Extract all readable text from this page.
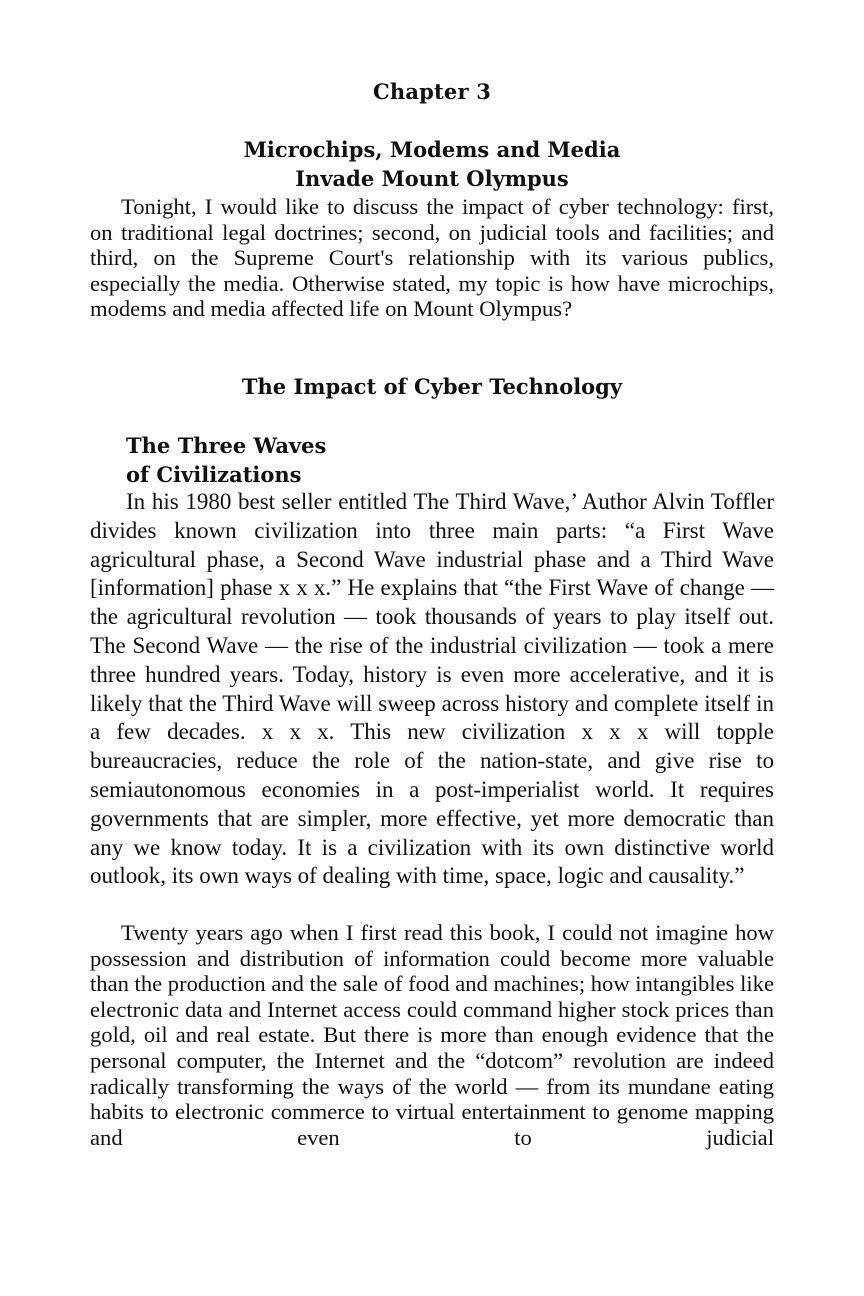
Chapter 3
Microchips, Modems and Media
Invade Mount Olympus

Tonight, I would like to discuss the impact of cyber technology: first, on traditional legal doctrines; second, on judicial tools and facilities; and third, on the Supreme Court's relationship with its various publics, especially the media. Otherwise stated, my topic is how have microchips, modems and media affected life on Mount Olympus?

The Impact of Cyber Technology
The Three Waves
of Civilizations

In his 1980 best seller entitled The Third Wave,’ Author Alvin Toffler divides known civilization into three main parts: “a First Wave agricultural phase, a Second Wave industrial phase and a Third Wave [information] phase x x x.” He explains that “the First Wave of change — the agricultural revolution — took thousands of years to play itself out. The Second Wave — the rise of the industrial civilization — took a mere three hundred years. Today, history is even more accelerative, and it is likely that the Third Wave will sweep across history and complete itself in a few decades. x x x. This new civilization x x x will topple bureaucracies, reduce the role of the nation-state, and give rise to semiautonomous economies in a post-imperialist world. It requires governments that are simpler, more effective, yet more democratic than any we know today. It is a civilization with its own distinctive world outlook, its own ways of dealing with time, space, logic and causality.”

Twenty years ago when I first read this book, I could not imagine how possession and distribution of information could become more valuable than the production and the sale of food and machines; how intangibles like electronic data and Internet access could command higher stock prices than gold, oil and real estate. But there is more than enough evidence that the personal computer, the Internet and the “dotcom” revolution are indeed radically transforming the ways of the world — from its mundane eating habits to electronic commerce to virtual entertainment to genome mapping and even to judicial
